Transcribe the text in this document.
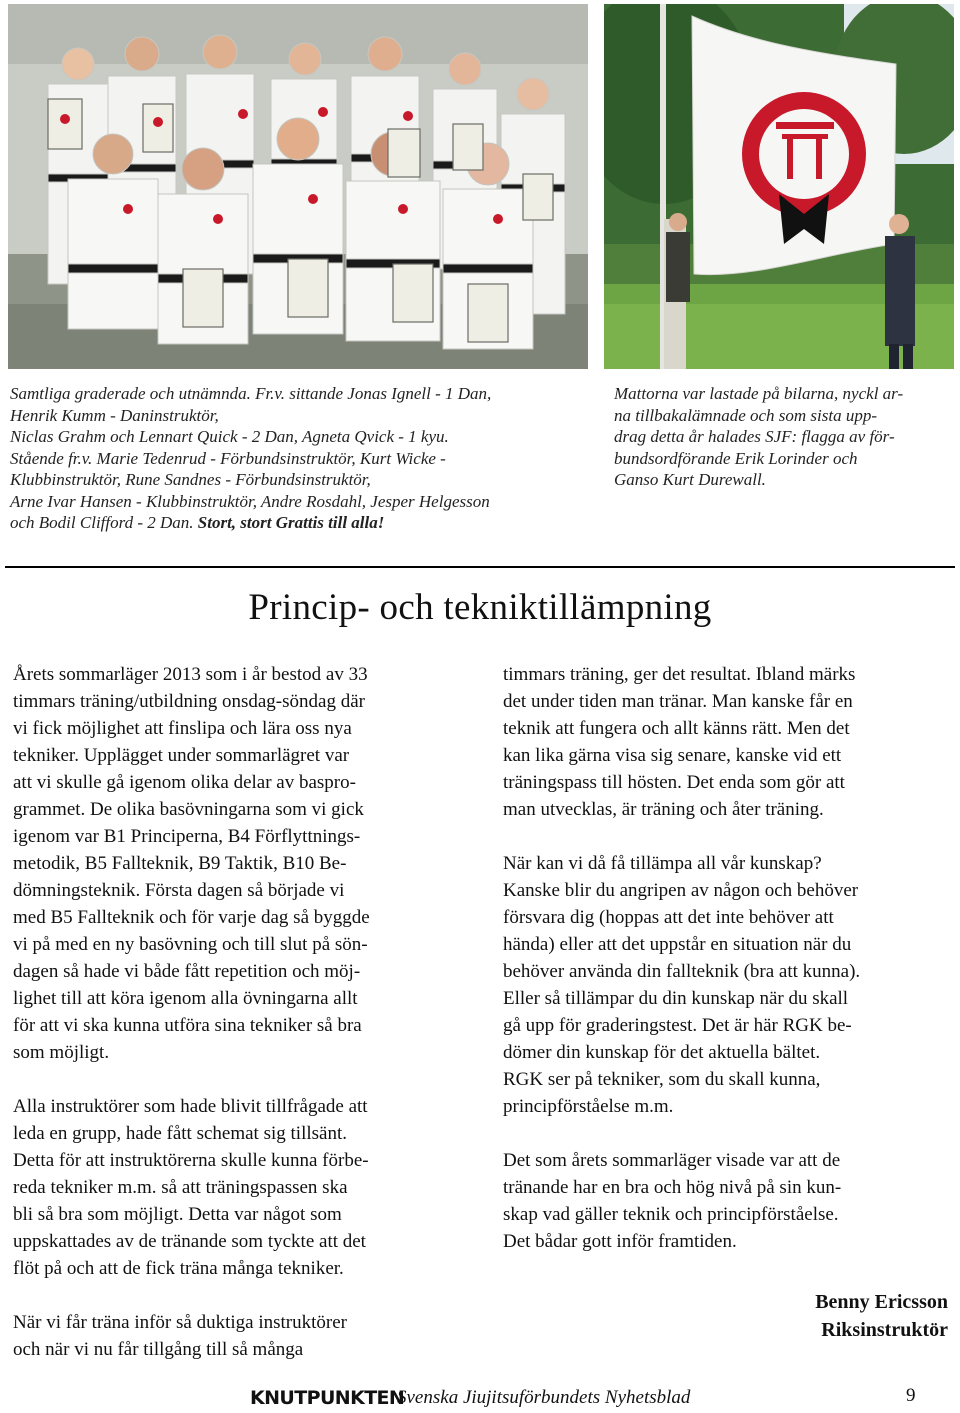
Samtliga graderade och utnämnda. Fr.v. sittande Jonas Ignell - 1 Dan,
Henrik Kumm - Daninstruktör,
Niclas Grahm och Lennart Quick - 2 Dan, Agneta Qvick - 1 kyu.
Stående fr.v. Marie Tedenrud - Förbundsinstruktör, Kurt Wicke -
Klubbinstruktör, Rune Sandnes - Förbundsinstruktör,
Arne Ivar Hansen - Klubbinstruktör, Andre Rosdahl, Jesper Helgesson
och Bodil Clifford - 2 Dan. Stort, stort Grattis till alla!

Mattorna var lastade på bilarna, nyckl ar-
na tillbakalämnade och som sista upp-
drag detta år halades SJF: flagga av för-
bundsordförande Erik Lorinder och
Ganso Kurt Durewall.

Princip- och tekniktillämpning

Årets sommarläger 2013 som i år bestod av 33
timmars träning/utbildning onsdag-söndag där
vi fick möjlighet att finslipa och lära oss nya
tekniker. Upplägget under sommarlägret var
att vi skulle gå igenom olika delar av baspro-
grammet. De olika basövningarna som vi gick
igenom var B1 Principerna, B4 Förflyttnings-
metodik, B5 Fallteknik, B9 Taktik, B10 Be-
dömningsteknik. Första dagen så började vi
med B5 Fallteknik och för varje dag så byggde
vi på med en ny basövning och till slut på sön-
dagen så hade vi både fått repetition och möj-
lighet till att köra igenom alla övningarna allt
för att vi ska kunna utföra sina tekniker så bra
som möjligt.

Alla instruktörer som hade blivit tillfrågade att
leda en grupp, hade fått schemat sig tillsänt.
Detta för att instruktörerna skulle kunna förbe-
reda tekniker m.m. så att träningspassen ska
bli så bra som möjligt. Detta var något som
uppskattades av de tränande som tyckte att det
flöt på och att de fick träna många tekniker.

När vi får träna inför så duktiga instruktörer
och när vi nu får tillgång till så många

timmars träning, ger det resultat. Ibland märks
det under tiden man tränar. Man kanske får en
teknik att fungera och allt känns rätt. Men det
kan lika gärna visa sig senare, kanske vid ett
träningspass till hösten. Det enda som gör att
man utvecklas, är träning och åter träning.

När kan vi då få tillämpa all vår kunskap?
Kanske blir du angripen av någon och behöver
försvara dig (hoppas att det inte behöver att
hända) eller att det uppstår en situation när du
behöver använda din fallteknik (bra att kunna).
Eller så tillämpar du din kunskap när du skall
gå upp för graderingstest. Det är här RGK be-
dömer din kunskap för det aktuella bältet.
RGK ser på tekniker, som du skall kunna,
principförståelse m.m.

Det som årets sommarläger visade var att de
tränande har en bra och hög nivå på sin kun-
skap vad gäller teknik och principförståelse.
Det bådar gott inför framtiden.

Benny Ericsson
Riksinstruktör
KNUTPUNKTEN
Svenska Jiujitsuförbundets Nyhetsblad	9
